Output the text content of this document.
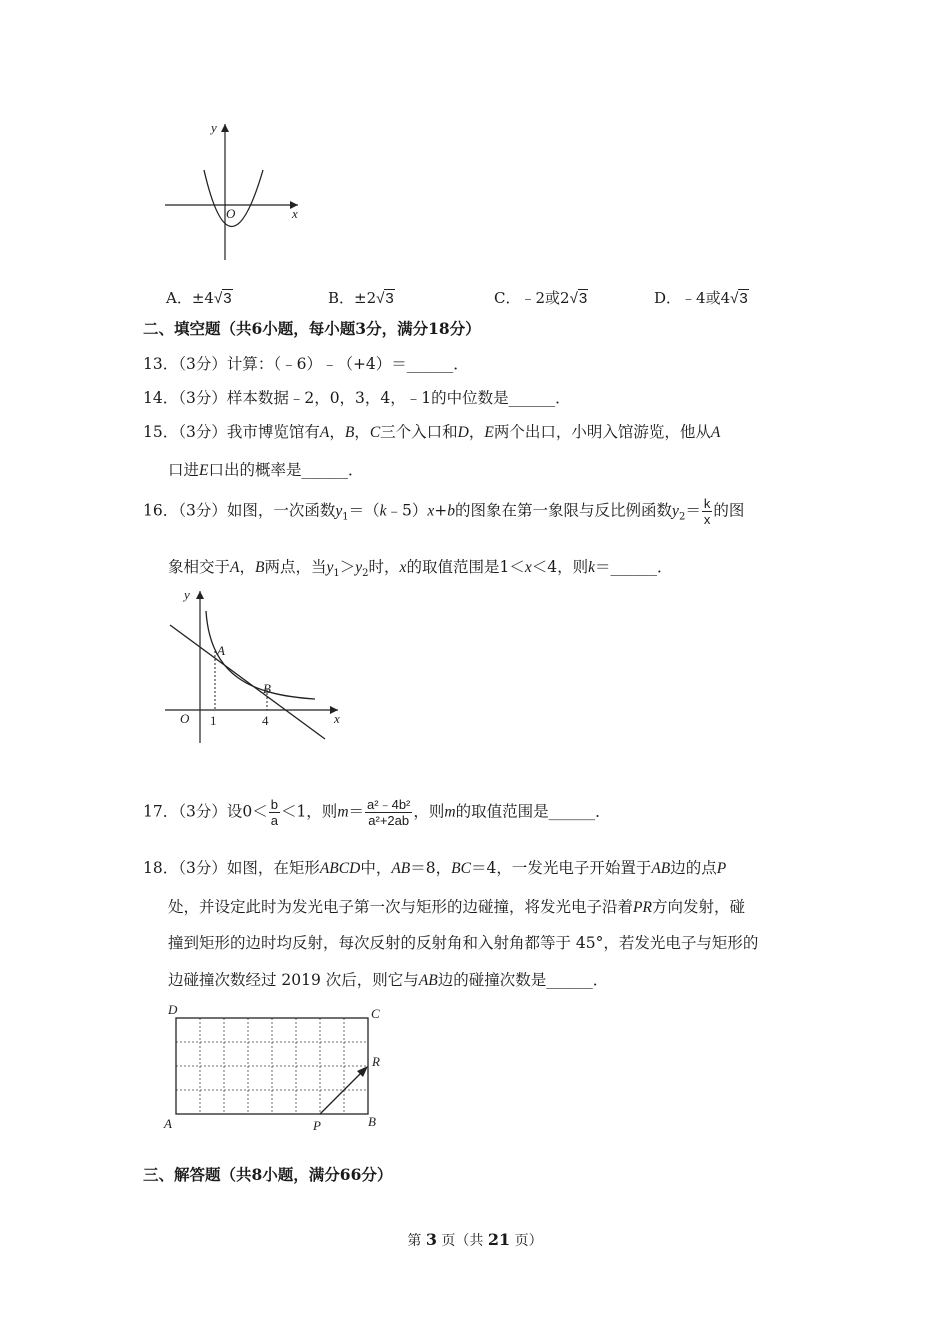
y
x
O
A．±4√3	B．±2√3	C．﹣2或2√3	D．﹣4或4√3
二、填空题（共6小题，每小题3分，满分18分）
13．（3分）计算：（﹣6）﹣（+4）＝______．
14．（3分）样本数据﹣2，0，3，4，﹣1的中位数是______．
15．（3分）我市博览馆有A，B，C三个入口和D，E两个出口，小明入馆游览，他从A
口进E口出的概率是______．
16．（3分）如图，一次函数$y_1=(k﹣5)x+b$的图象在第一象限与反比例函数$y_2= \frac{k}{x}$ 的图
象相交于A，B两点，当$y_1>y_2$时，x的取值范围是1＜x＜4，则k＝______．
y
x
O
A
B
1	4
17．（3分）设$0< \frac{b}{a} <1$，则$m= \frac{\text{a²﹣4b²}}{\text{a²+2ab}}$ ，则m的取值范围是______．
18．（3分）如图，在矩形ABCD中，AB＝8，BC＝4，一发光电子开始置于AB边的点P
处，并设定此时为发光电子第一次与矩形的边碰撞，将发光电子沿着PR方向发射，碰
撞到矩形的边时均反射，每次反射的反射角和入射角都等于 45°，若发光电子与矩形的
边碰撞次数经过 2019 次后，则它与AB边的碰撞次数是______．
D	C
R
A	P	B
三、解答题（共8小题，满分66分）
第 3 页（共 21 页）
